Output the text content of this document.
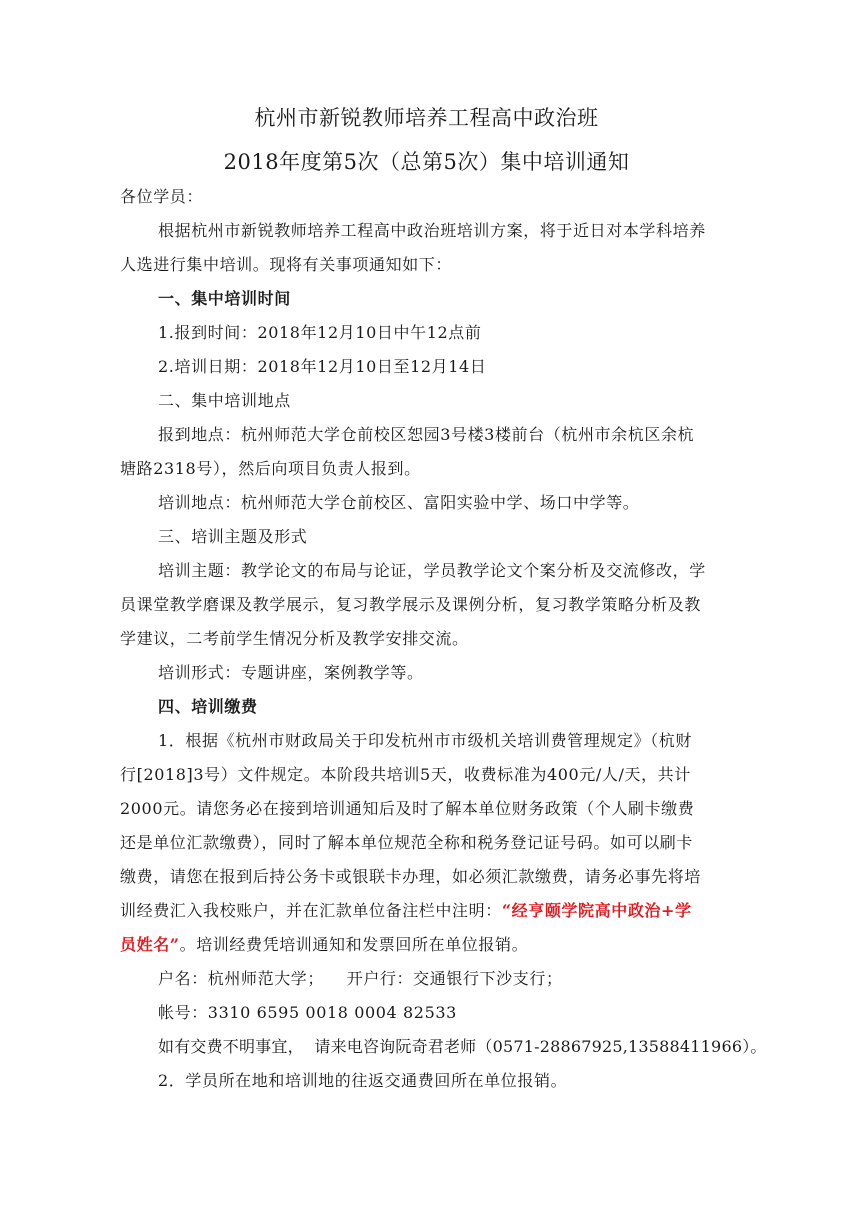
杭州市新锐教师培养工程高中政治班
2018年度第5次（总第5次）集中培训通知
各位学员：
根据杭州市新锐教师培养工程高中政治班培训方案，将于近日对本学科培养
人选进行集中培训。现将有关事项通知如下：
一、集中培训时间
1.报到时间：2018年12月10日中午12点前
2.培训日期：2018年12月10日至12月14日
二、集中培训地点
报到地点：杭州师范大学仓前校区恕园3号楼3楼前台（杭州市余杭区余杭
塘路2318号），然后向项目负责人报到。
培训地点：杭州师范大学仓前校区、富阳实验中学、场口中学等。
三、培训主题及形式
培训主题：教学论文的布局与论证，学员教学论文个案分析及交流修改，学
员课堂教学磨课及教学展示，复习教学展示及课例分析，复习教学策略分析及教
学建议，二考前学生情况分析及教学安排交流。
培训形式：专题讲座，案例教学等。
四、培训缴费
1．根据《杭州市财政局关于印发杭州市市级机关培训费管理规定》（杭财
行[2018]3号）文件规定。本阶段共培训5天，收费标准为400元/人/天，共计
2000元。请您务必在接到培训通知后及时了解本单位财务政策（个人刷卡缴费
还是单位汇款缴费），同时了解本单位规范全称和税务登记证号码。如可以刷卡
缴费，请您在报到后持公务卡或银联卡办理，如必须汇款缴费，请务必事先将培
训经费汇入我校账户，并在汇款单位备注栏中注明：“经亨颐学院高中政治+学
员姓名”。培训经费凭培训通知和发票回所在单位报销。
户名：杭州师范大学；    开户行：交通银行下沙支行；
帐号：3310 6595 0018 0004 82533
如有交费不明事宜，  请来电咨询阮奇君老师（0571-28867925,13588411966）。
2．学员所在地和培训地的往返交通费回所在单位报销。
